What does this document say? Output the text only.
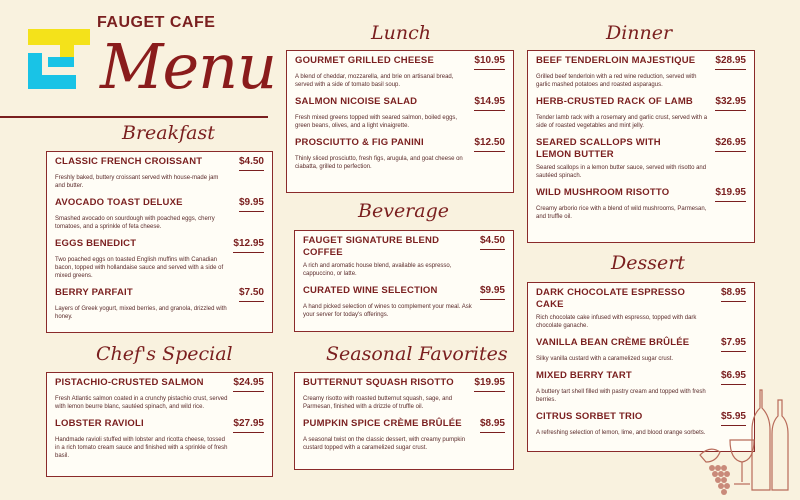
FAUGET CAFE
Menu
Breakfast
CLASSIC FRENCH CROISSANT	$4.50
Freshly baked, buttery croissant served with house-made jam and butter.
AVOCADO TOAST DELUXE	$9.95
Smashed avocado on sourdough with poached eggs, cherry tomatoes, and a sprinkle of feta cheese.
EGGS BENEDICT	$12.95
Two poached eggs on toasted English muffins with Canadian bacon, topped with hollandaise sauce and served with a side of mixed greens.
BERRY PARFAIT	$7.50
Layers of Greek yogurt, mixed berries, and granola, drizzled with honey.
Chef's Special
PISTACHIO-CRUSTED SALMON	$24.95
Fresh Atlantic salmon coated in a crunchy pistachio crust, served with lemon beurre blanc, sautéed spinach, and wild rice.
LOBSTER RAVIOLI	$27.95
Handmade ravioli stuffed with lobster and ricotta cheese, tossed in a rich tomato cream sauce and finished with a sprinkle of fresh basil.
Lunch
GOURMET GRILLED CHEESE	$10.95
A blend of cheddar, mozzarella, and brie on artisanal bread, served with a side of tomato basil soup.
SALMON NICOISE SALAD	$14.95
Fresh mixed greens topped with seared salmon, boiled eggs, green beans, olives, and a light vinaigrette.
PROSCIUTTO & FIG PANINI	$12.50
Thinly sliced prosciutto, fresh figs, arugula, and goat cheese on ciabatta, grilled to perfection.
Beverage
FAUGET SIGNATURE BLEND COFFEE
$4.50
A rich and aromatic house blend, available as espresso, cappuccino, or latte.
CURATED WINE SELECTION	$9.95
A hand picked selection of wines to complement your meal. Ask your server for today's offerings.
Seasonal Favorites
BUTTERNUT SQUASH RISOTTO $19.95
Creamy risotto with roasted butternut squash, sage, and Parmesan, finished with a drizzle of truffle oil.
PUMPKIN SPICE CRÈME BRÛLÉE $8.95
A seasonal twist on the classic dessert, with creamy pumpkin custard topped with a caramelized sugar crust.
Dinner
BEEF TENDERLOIN MAJESTIQUE $28.95
Grilled beef tenderloin with a red wine reduction, served with garlic mashed potatoes and roasted asparagus.
HERB-CRUSTED RACK OF LAMB $32.95
Tender lamb rack with a rosemary and garlic crust, served with a side of roasted vegetables and mint jelly.
SEARED SCALLOPS WITH LEMON BUTTER
$26.95
Seared scallops in a lemon butter sauce, served with risotto and sautéed spinach.
WILD MUSHROOM RISOTTO	$19.95
Creamy arborio rice with a blend of wild mushrooms, Parmesan, and truffle oil.
Dessert
DARK CHOCOLATE ESPRESSO CAKE
$8.95
Rich chocolate cake infused with espresso, topped with dark chocolate ganache.
VANILLA BEAN CRÈME BRÛLÉE	$7.95
Silky vanilla custard with a caramelized sugar crust.
MIXED BERRY TART	$6.95
A buttery tart shell filled with pastry cream and topped with fresh berries.
CITRUS SORBET TRIO	$5.95
A refreshing selection of lemon, lime, and blood orange sorbets.
